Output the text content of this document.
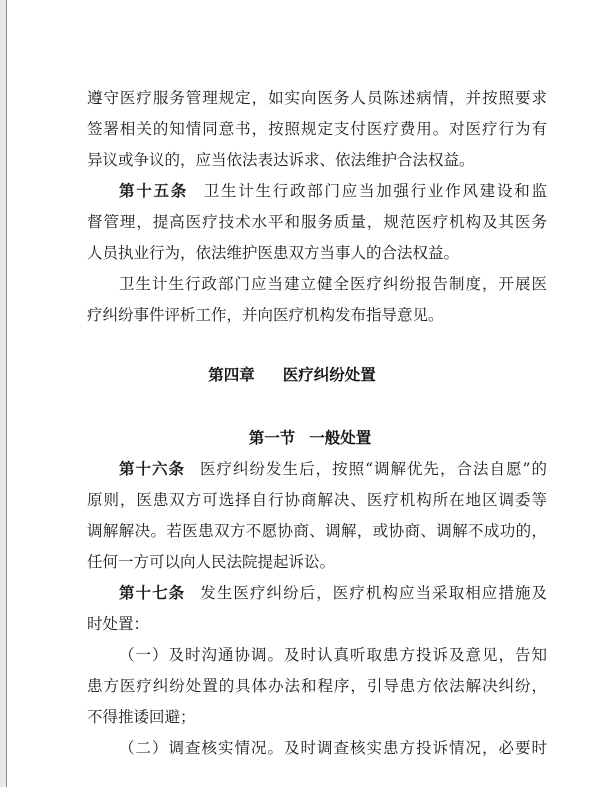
遵守医疗服务管理规定，如实向医务人员陈述病情，并按照要求
签署相关的知情同意书，按照规定支付医疗费用。对医疗行为有
异议或争议的，应当依法表达诉求、依法维护合法权益。
第十五条 卫生计生行政部门应当加强行业作风建设和监
督管理，提高医疗技术水平和服务质量，规范医疗机构及其医务
人员执业行为，依法维护医患双方当事人的合法权益。
卫生计生行政部门应当建立健全医疗纠纷报告制度，开展医
疗纠纷事件评析工作，并向医疗机构发布指导意见。
第四章 医疗纠纷处置
第一节 一般处置
第十六条 医疗纠纷发生后，按照“调解优先，合法自愿”的
原则，医患双方可选择自行协商解决、医疗机构所在地区调委等
调解解决。若医患双方不愿协商、调解，或协商、调解不成功的，
任何一方可以向人民法院提起诉讼。
第十七条 发生医疗纠纷后，医疗机构应当采取相应措施及
时处置：
（一）及时沟通协调。及时认真听取患方投诉及意见，告知
患方医疗纠纷处置的具体办法和程序，引导患方依法解决纠纷，
不得推诿回避；
（二）调查核实情况。及时调查核实患方投诉情况，必要时
